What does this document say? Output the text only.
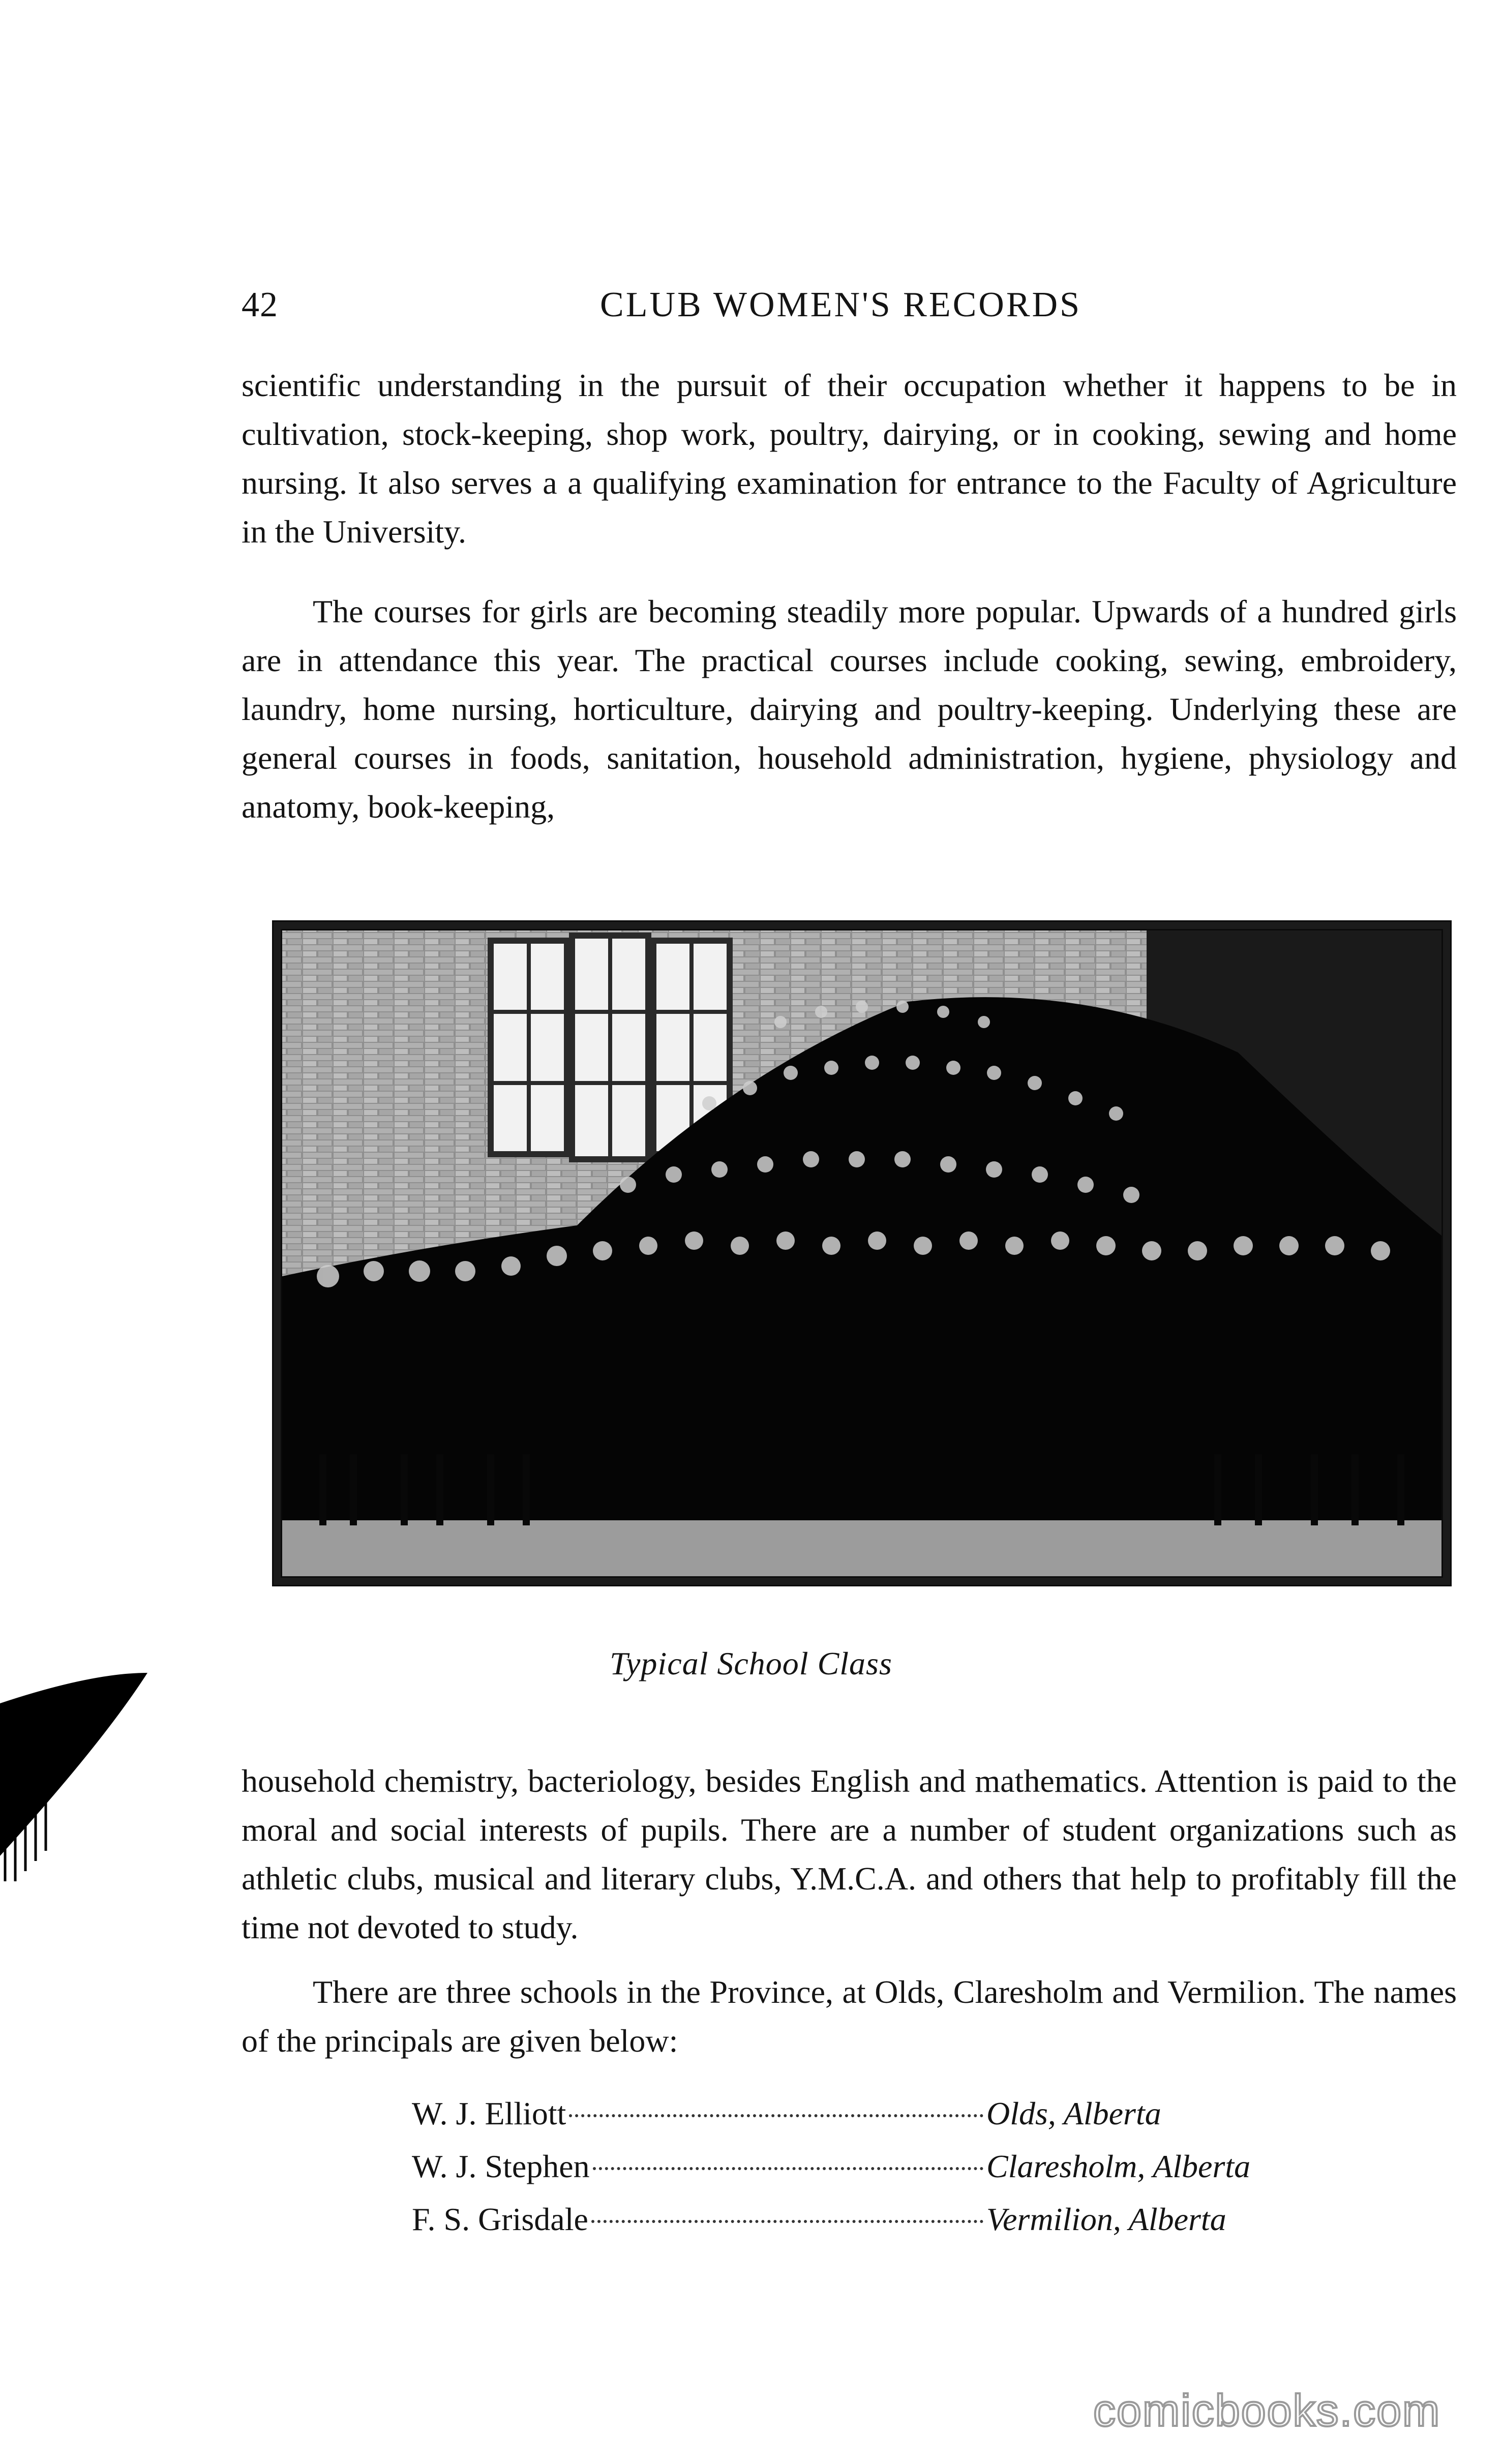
42	CLUB WOMEN'S RECORDS

scientific understanding in the pursuit of their occupation whether it happens to be in cultivation, stock-keeping, shop work, poultry, dairying, or in cooking, sewing and home nursing. It also serves a a qualifying examination for entrance to the Faculty of Agriculture in the University.

The courses for girls are becoming steadily more popular. Upwards of a hundred girls are in attendance this year. The practical courses include cooking, sewing, embroidery, laundry, home nursing, horticulture, dairying and poultry-keeping. Underlying these are general courses in foods, sanitation, household administration, hygiene, physiology and anatomy, book-keeping,

Typical School Class

household chemistry, bacteriology, besides English and mathematics. Attention is paid to the moral and social interests of pupils. There are a number of student organizations such as athletic clubs, musical and literary clubs, Y.M.C.A. and others that help to profitably fill the time not devoted to study.

There are three schools in the Province, at Olds, Claresholm and Vermilion. The names of the principals are given below:

W. J. Elliott	Olds, Alberta
W. J. Stephen	Claresholm, Alberta
F. S. Grisdale	Vermilion, Alberta
comicbooks.com
